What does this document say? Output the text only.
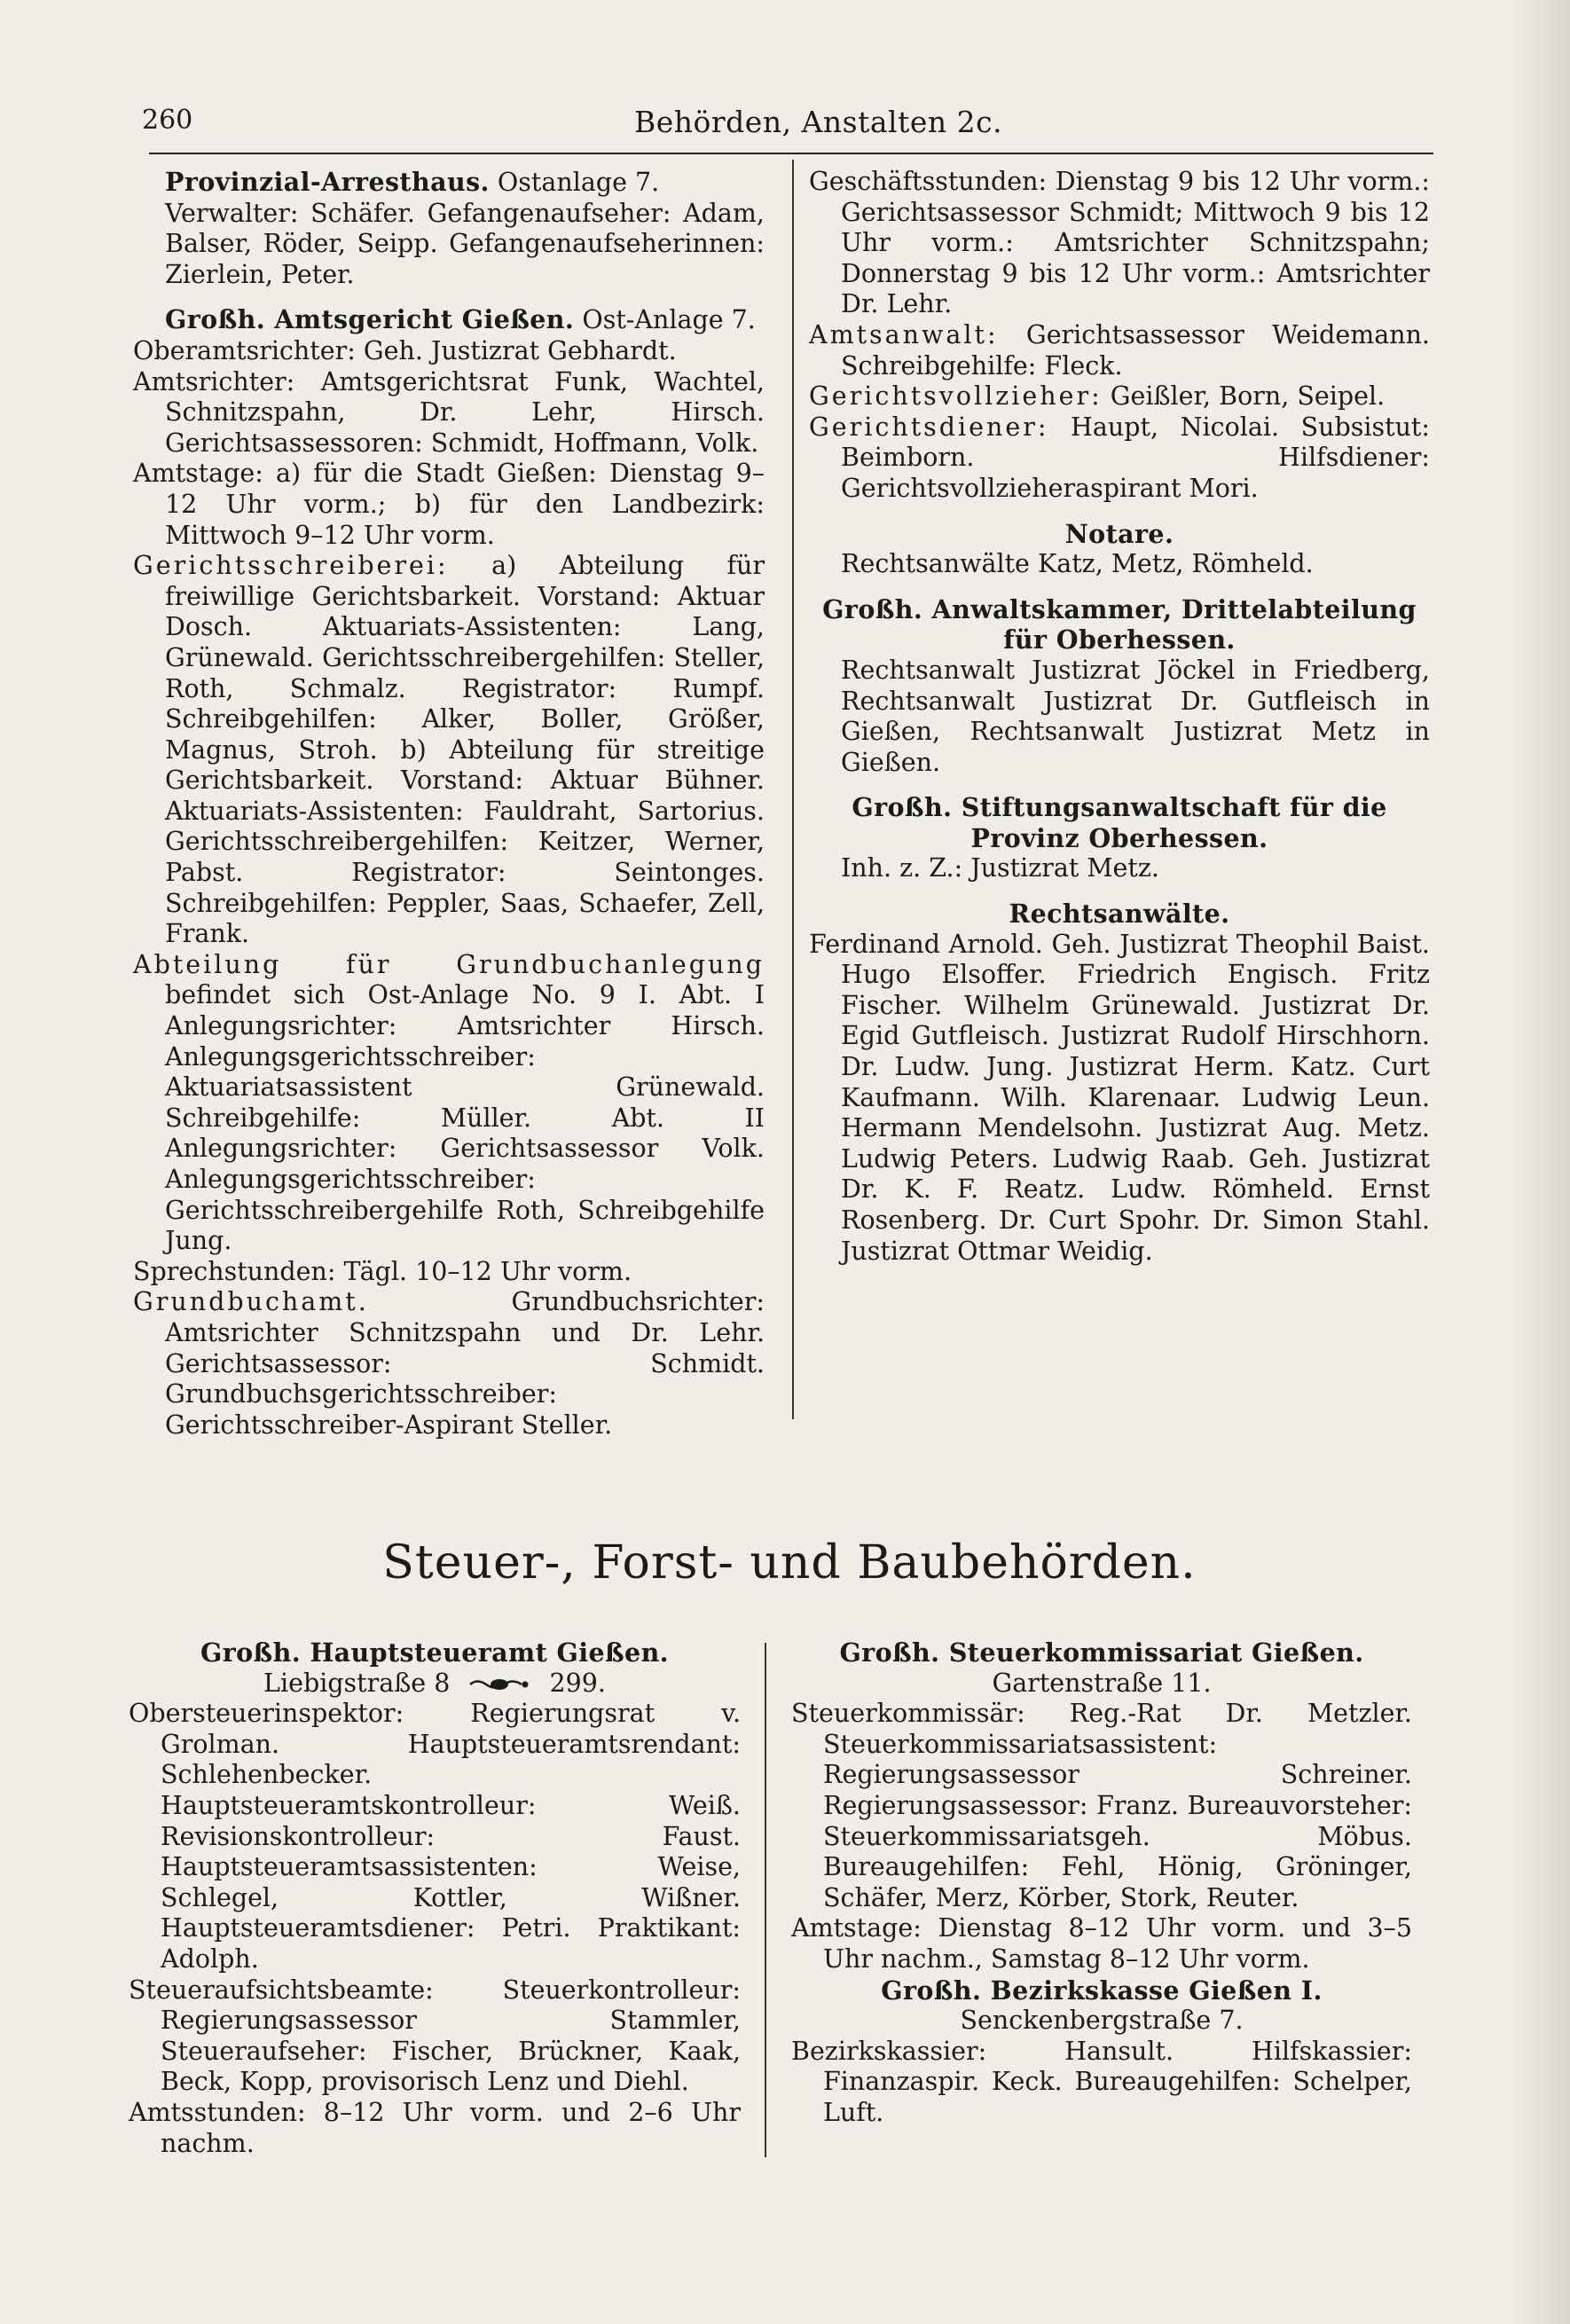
260	Behörden, Anstalten 2c.

Provinzial-Arresthaus. Ostanlage 7.

Verwalter: Schäfer. Gefangenaufseher: Adam, Balser, Röder, Seipp. Gefangenaufseherinnen: Zierlein, Peter.

Großh. Amtsgericht Gießen. Ost-Anlage 7.

Oberamtsrichter: Geh. Justizrat Gebhardt.

Amtsrichter: Amtsgerichtsrat Funk, Wachtel, Schnitzspahn, Dr. Lehr, Hirsch. Gerichtsassessoren: Schmidt, Hoffmann, Volk.

Amtstage: a) für die Stadt Gießen: Dienstag 9–12 Uhr vorm.; b) für den Landbezirk: Mittwoch 9–12 Uhr vorm.

Gerichtsschreiberei: a) Abteilung für freiwillige Gerichtsbarkeit. Vorstand: Aktuar Dosch. Aktuariats-Assistenten: Lang, Grünewald. Gerichtsschreibergehilfen: Steller, Roth, Schmalz. Registrator: Rumpf. Schreibgehilfen: Alker, Boller, Größer, Magnus, Stroh. b) Abteilung für streitige Gerichtsbarkeit. Vorstand: Aktuar Bühner. Aktuariats-Assistenten: Fauldraht, Sartorius. Gerichtsschreibergehilfen: Keitzer, Werner, Pabst. Registrator: Seintonges. Schreibgehilfen: Peppler, Saas, Schaefer, Zell, Frank.

Abteilung für Grundbuchanlegung befindet sich Ost-Anlage No. 9 I. Abt. I Anlegungsrichter: Amtsrichter Hirsch. Anlegungsgerichtsschreiber: Aktuariatsassistent Grünewald. Schreibgehilfe: Müller. Abt. II Anlegungsrichter: Gerichtsassessor Volk. Anlegungsgerichtsschreiber: Gerichtsschreibergehilfe Roth, Schreibgehilfe Jung.

Sprechstunden: Tägl. 10–12 Uhr vorm.

Grundbuchamt.	Grundbuchsrichter: Amtsrichter Schnitzspahn und Dr. Lehr. Gerichtsassessor: Schmidt. Grundbuchsgerichtsschreiber: Gerichtsschreiber-Aspirant Steller.

Geschäftsstunden: Dienstag 9 bis 12 Uhr vorm.: Gerichtsassessor Schmidt; Mittwoch 9 bis 12 Uhr vorm.: Amtsrichter Schnitzspahn; Donnerstag 9 bis 12 Uhr vorm.: Amtsrichter Dr. Lehr.

Amtsanwalt: Gerichtsassessor Weidemann. Schreibgehilfe: Fleck.

Gerichtsvollzieher: Geißler, Born, Seipel.

Gerichtsdiener: Haupt, Nicolai. Subsistut: Beimborn. Hilfsdiener: Gerichtsvollzieheraspirant Mori.

Notare.

Rechtsanwälte Katz, Metz, Römheld.

Großh. Anwaltskammer, Drittelabteilung für Oberhessen.

Rechtsanwalt Justizrat Jöckel in Friedberg, Rechtsanwalt Justizrat Dr. Gutfleisch in Gießen, Rechtsanwalt Justizrat Metz in Gießen.

Großh. Stiftungsanwaltschaft für die Provinz Oberhessen.

Inh. z. Z.: Justizrat Metz.

Rechtsanwälte.

Ferdinand Arnold. Geh. Justizrat Theophil Baist. Hugo Elsoffer. Friedrich Engisch. Fritz Fischer. Wilhelm Grünewald. Justizrat Dr. Egid Gutfleisch. Justizrat Rudolf Hirschhorn. Dr. Ludw. Jung. Justizrat Herm. Katz. Curt Kaufmann. Wilh. Klarenaar. Ludwig Leun. Hermann Mendelsohn. Justizrat Aug. Metz. Ludwig Peters. Ludwig Raab. Geh. Justizrat Dr. K. F. Reatz. Ludw. Römheld. Ernst Rosenberg. Dr. Curt Spohr. Dr. Simon Stahl. Justizrat Ottmar Weidig.

Steuer-, Forst- und Baubehörden.

Großh. Hauptsteueramt Gießen.

Liebigstraße 8	299.

Obersteuerinspektor: Regierungsrat v. Grolman. Hauptsteueramtsrendant: Schlehenbecker. Hauptsteueramtskontrolleur: Weiß. Revisionskontrolleur: Faust. Hauptsteueramtsassistenten: Weise, Schlegel, Kottler, Wißner. Hauptsteueramtsdiener: Petri. Praktikant: Adolph.

Steueraufsichtsbeamte: Steuerkontrolleur: Regierungsassessor Stammler, Steueraufseher: Fischer, Brückner, Kaak, Beck, Kopp, provisorisch Lenz und Diehl.

Amtsstunden: 8–12 Uhr vorm. und 2–6 Uhr nachm.

Großh. Steuerkommissariat Gießen.

Gartenstraße 11.

Steuerkommissär: Reg.-Rat Dr. Metzler. Steuerkommissariatsassistent: Regierungsassessor Schreiner. Regierungsassessor: Franz. Bureauvorsteher: Steuerkommissariatsgeh. Möbus. Bureaugehilfen: Fehl, Hönig, Gröninger, Schäfer, Merz, Körber, Stork, Reuter.

Amtstage: Dienstag 8–12 Uhr vorm. und 3–5 Uhr nachm., Samstag 8–12 Uhr vorm.

Großh. Bezirkskasse Gießen I.

Senckenbergstraße 7.

Bezirkskassier: Hansult. Hilfskassier: Finanzaspir. Keck. Bureaugehilfen: Schelper, Luft.
